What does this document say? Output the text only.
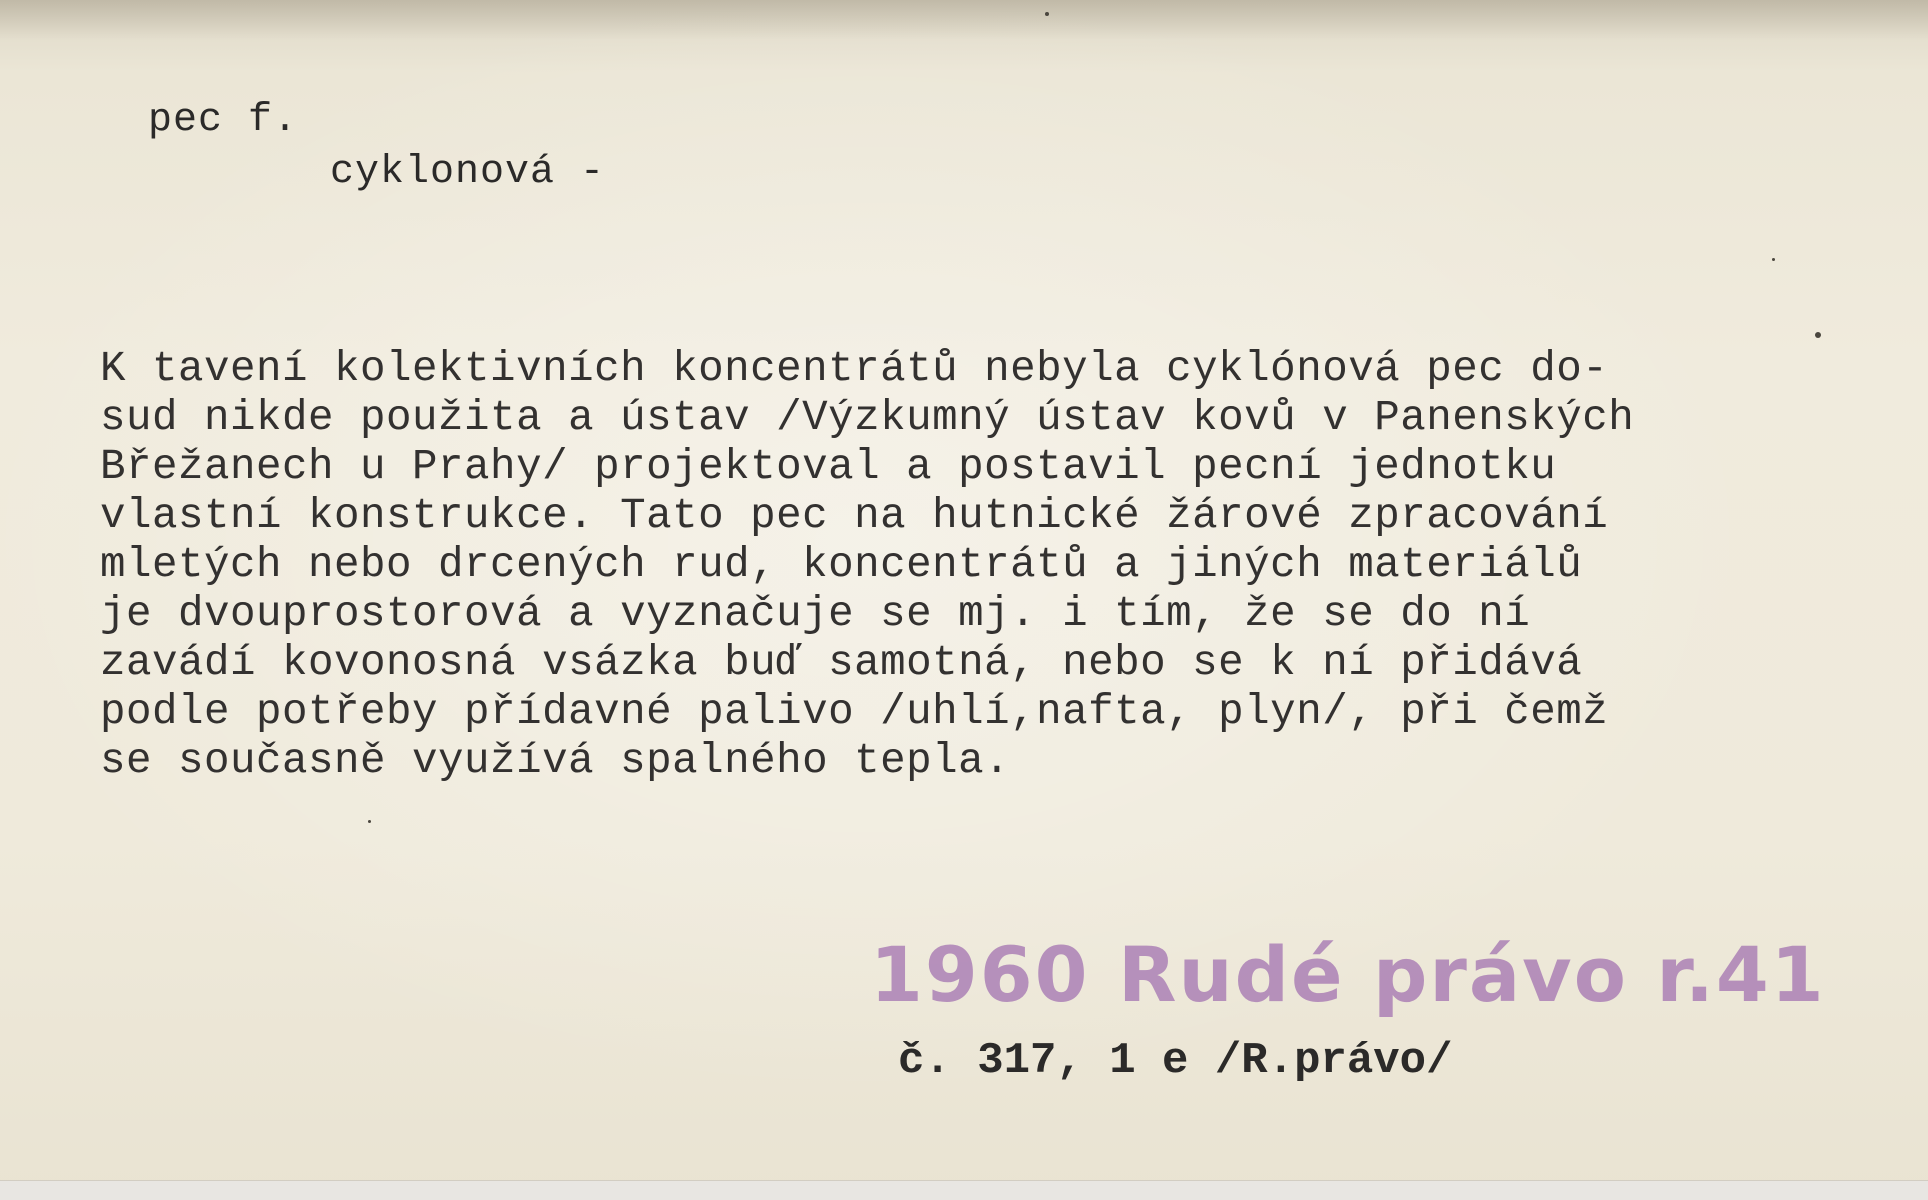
pec f.
cyklonová -
K tavení kolektivních koncentrátů nebyla cyklónová pec do-
sud nikde použita a ústav /Výzkumný ústav kovů v Panenských
Břežanech u Prahy/ projektoval a postavil pecní jednotku
vlastní konstrukce. Tato pec na hutnické žárové zpracování
mletých nebo drcených rud, koncentrátů a jiných materiálů
je dvouprostorová a vyznačuje se mj. i tím, že se do ní
zavádí kovonosná vsázka buď samotná, nebo se k ní přidává
podle potřeby přídavné palivo /uhlí,nafta, plyn/, při čemž
se současně využívá spalného tepla.
1960 Rudé právo r.41
č. 317, 1 e /R.právo/
